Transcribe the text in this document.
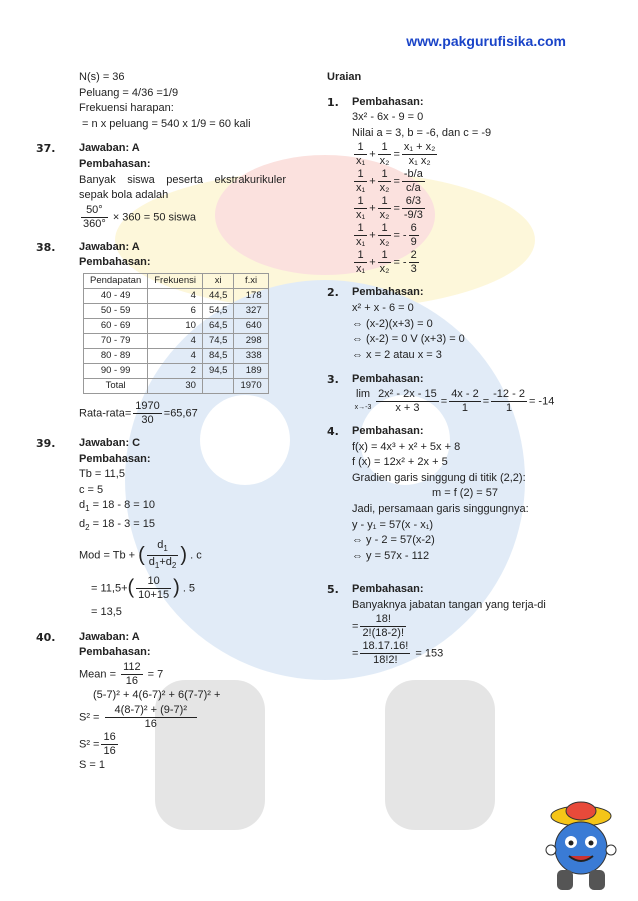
www.pakgurufisika.com
N(s) = 36
Peluang = 4/36 =1/9
Frekuensi harapan:
= n x peluang = 540 x 1/9 = 60 kali
37. Jawaban: A
Pembahasan:
Banyak siswa peserta ekstrakurikuler sepak bola adalah
$\frac{50^\circ}{360^\circ} \times 360 = 50$ siswa
38. Jawaban: A
Pembahasan:
Pendapatan	Frekuensi	xi	f.xi
40 - 49	4	44,5	178
50 - 59	6	54,5	327
60 - 69	10	64,5	640
70 - 79	4	74,5	298
80 - 89	4	84,5	338
90 - 99	2	94,5	189
Total	30		1970
Rata-rata= $\frac{1970}{30} =65,67$
39. Jawaban: C
Pembahasan:
Tb = 11,5
c = 5
$d_1 = 18 - 8 = 10$
$d_2 = 18 - 3 = 15$
Mod = Tb + ( $\frac{d_1}{d_1+d_2}$ ) . c
= $11,5+( \frac{10}{10+15}$ ) . 5
= 13,5
40. Jawaban: A
Pembahasan:
Mean = $\frac{112}{16} = 7$
(5-7)² + 4(6-7)² + 6(7-7)² +
$S^2 = \frac{\text{4(8-7)² + (9-7)²}}{16}$
$S^2 = \frac{16}{16}$
S = 1
Uraian
1. Pembahasan:
3x² - 6x - 9 = 0
Nilai a = 3, b = -6, dan c = -9
$\frac{1}{\text{x₁}} + \frac{1}{\text{x₂}} = \frac{\text{x₁ + x₂}}{\text{x₁ x₂}}$
$\frac{1}{\text{x₁}} + \frac{1}{\text{x₂}} = \frac{-b/a}{c/a}$
$\frac{1}{\text{x₁}} + \frac{1}{\text{x₂}} = \frac{6/3}{-9/3}$
$\frac{1}{\text{x₁}} + \frac{1}{\text{x₂}}$ = - $\frac{6}{9}$
$\frac{1}{\text{x₁}} + \frac{1}{\text{x₂}}$ = - $\frac{2}{3}$
2. Pembahasan:
x² + x - 6 = 0
⇔ (x-2)(x+3) = 0
⇔ (x-2) = 0 V (x+3) = 0
⇔ x = 2 atau x = 3
3. Pembahasan:
lim
$x\to-3 \frac{\text{2x² - 2x - 15}}{x + 3} = \frac{4x - 2}{1} = \frac{-12 - 2}{1} = -14$
4. Pembahasan:
f(x) = 4x³ + x² + 5x + 8
f (x) = 12x² + 2x + 5
Gradien garis singgung di titik (2,2):
m = f (2) = 57
Jadi, persamaan garis singgungnya:
y - y₁ = 57(x - x₁)
⇔ y - 2 = 57(x-2)
⇔ y = 57x - 112
5. Pembahasan:
Banyaknya jabatan tangan yang terja-di
= $\frac{18!}{2!(18-2)!}$
= $\frac{18.17.16!}{18!2!} = 153$
